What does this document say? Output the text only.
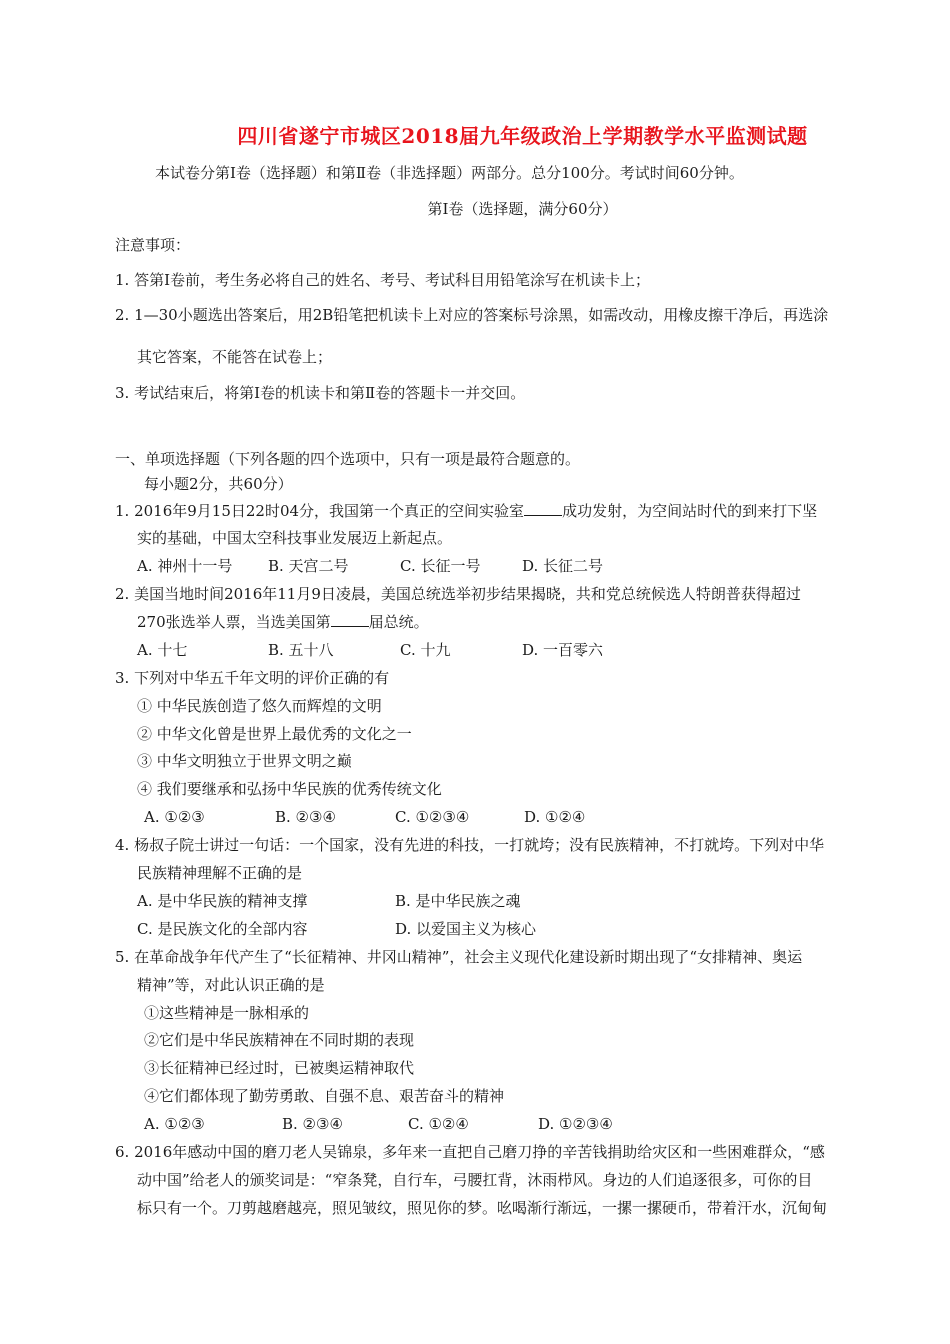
四川省遂宁市城区2018届九年级政治上学期教学水平监测试题
本试卷分第Ⅰ卷（选择题）和第Ⅱ卷（非选择题）两部分。总分100分。考试时间60分钟。
第Ⅰ卷（选择题，满分60分）
注意事项：
1. 答第Ⅰ卷前，考生务必将自己的姓名、考号、考试科目用铅笔涂写在机读卡上；
2. 1—30小题选出答案后，用2B铅笔把机读卡上对应的答案标号涂黑，如需改动，用橡皮擦干净后，再选涂
其它答案，不能答在试卷上；
3. 考试结束后，将第Ⅰ卷的机读卡和第Ⅱ卷的答题卡一并交回。
一、单项选择题（下列各题的四个选项中，只有一项是最符合题意的。
每小题2分，共60分）
1. 2016年9月15日22时04分，我国第一个真正的空间实验室	成功发射，为空间站时代的到来打下坚
实的基础，中国太空科技事业发展迈上新起点。
A. 神州十一号 B. 天宫二号	C. 长征一号	D. 长征二号
2. 美国当地时间2016年11月9日凌晨，美国总统选举初步结果揭晓，共和党总统候选人特朗普获得超过
270张选举人票，当选美国第	届总统。
A. 十七	B. 五十八	C. 十九	D. 一百零六
3. 下列对中华五千年文明的评价正确的有
① 中华民族创造了悠久而辉煌的文明
② 中华文化曾是世界上最优秀的文化之一
③ 中华文明独立于世界文明之巅
④ 我们要继承和弘扬中华民族的优秀传统文化
A. ①②③	B. ②③④	C. ①②③④	D. ①②④
4. 杨叔子院士讲过一句话：一个国家，没有先进的科技，一打就垮；没有民族精神，不打就垮。下列对中华
民族精神理解不正确的是
A. 是中华民族的精神支撑	B. 是中华民族之魂
C. 是民族文化的全部内容	D. 以爱国主义为核心
5. 在革命战争年代产生了“长征精神、井冈山精神”，社会主义现代化建设新时期出现了“女排精神、奥运
精神”等，对此认识正确的是
①这些精神是一脉相承的
②它们是中华民族精神在不同时期的表现
③长征精神已经过时，已被奥运精神取代
④它们都体现了勤劳勇敢、自强不息、艰苦奋斗的精神
A. ①②③	B. ②③④	C. ①②④	D. ①②③④
6. 2016年感动中国的磨刀老人吴锦泉，多年来一直把自己磨刀挣的辛苦钱捐助给灾区和一些困难群众，“感
动中国”给老人的颁奖词是：“窄条凳，自行车，弓腰扛背，沐雨栉风。身边的人们追逐很多，可你的目
标只有一个。刀剪越磨越亮，照见皱纹，照见你的梦。吆喝渐行渐远，一摞一摞硬币，带着汗水，沉甸甸
